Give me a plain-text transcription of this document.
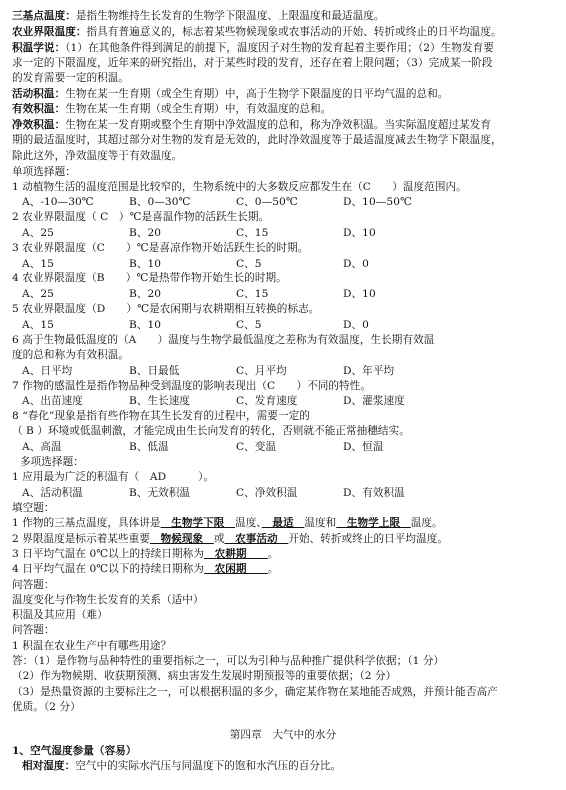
三基点温度：是指生物维持生长发育的生物学下限温度、上限温度和最适温度。
农业界限温度：指具有普遍意义的，标志着某些物候现象或农事活动的开始、转折或终止的日平均温度。
积温学说：（1）在其他条件得到满足的前提下，温度因子对生物的发育起着主要作用；（2）生物发育要
求一定的下限温度，近年来的研究指出，对于某些时段的发育，还存在着上限问题；（3）完成某一阶段
的发育需要一定的积温。
活动积温：生物在某一生育期（或全生育期）中，高于生物学下限温度的日平均气温的总和。
有效积温：生物在某一生育期（或全生育期）中，有效温度的总和。
净效积温：生物在某一发育期或整个生育期中净效温度的总和，称为净效积温。当实际温度超过某发育
期的最适温度时，其超过部分对生物的发育是无效的，此时净效温度等于最适温度减去生物学下限温度，
除此这外，净效温度等于有效温度。
单项选择题：
1 动植物生活的温度范围是比较窄的，生物系统中的大多数反应都发生在（C　　）温度范围内。
A、-10—30℃	B、0—30℃	C、0—50℃	D、10—50℃
2 农业界限温度（ C　）℃是喜温作物的活跃生长期。
A、25	B、20	C、15	D、10
3 农业界限温度（C　　）℃是喜凉作物开始活跃生长的时期。
A、15	B、10	C、5	D、0
4 农业界限温度（B　　）℃是热带作物开始生长的时期。
A、25	B、20	C、15	D、10
5 农业界限温度（D　　）℃是农闲期与农耕期相互转换的标志。
A、15	B、10	C、5	D、0
6 高于生物最低温度的（A　　）温度与生物学最低温度之差称为有效温度，生长期有效温
度的总和称为有效积温。
A、日平均	B、日最低	C、月平均	D、年平均
7 作物的感温性是指作物品种受到温度的影响表现出（C　　）不同的特性。
A、出苗速度	B、生长速度	C、发育速度	D、灌浆速度
8 “春化”现象是指有些作物在其生长发育的过程中，需要一定的
（ B ）环境或低温刺激，才能完成由生长向发育的转化，否则就不能正常抽穗结实。
A、高温	B、低温	C、变温	D、恒温
多项选择题：
1 应用最为广泛的积温有（　AD　　　）。
A、活动积温	B、无效积温	C、净效积温	D、有效积温
填空题：
1 作物的三基点温度，具体讲是　生物学下限　温度、　最适　温度和　生物学上限　温度。
2 界限温度是标示着某些重要　物候现象　或　农事活动　开始、转折或终止的日平均温度。
3 日平均气温在 0℃以上的持续日期称为　农耕期　　。
4 日平均气温在 0℃以下的持续日期称为　农闲期　　。
问答题：
温度变化与作物生长发育的关系（适中）
积温及其应用（难）
问答题：
1 积温在农业生产中有哪些用途？
答：（1）是作物与品种特性的重要指标之一，可以为引种与品种推广提供科学依据；（1 分）
（2）作为物候期、收获期预测、病虫害发生发展时期预报等的重要依据；（2 分）
（3）是热量资源的主要标注之一，可以根据积温的多少，确定某作物在某地能否成熟，并预计能否高产
优质。（2 分）
第四章　大气中的水分
1、空气湿度参量（容易）
相对湿度：空气中的实际水汽压与同温度下的饱和水汽压的百分比。
